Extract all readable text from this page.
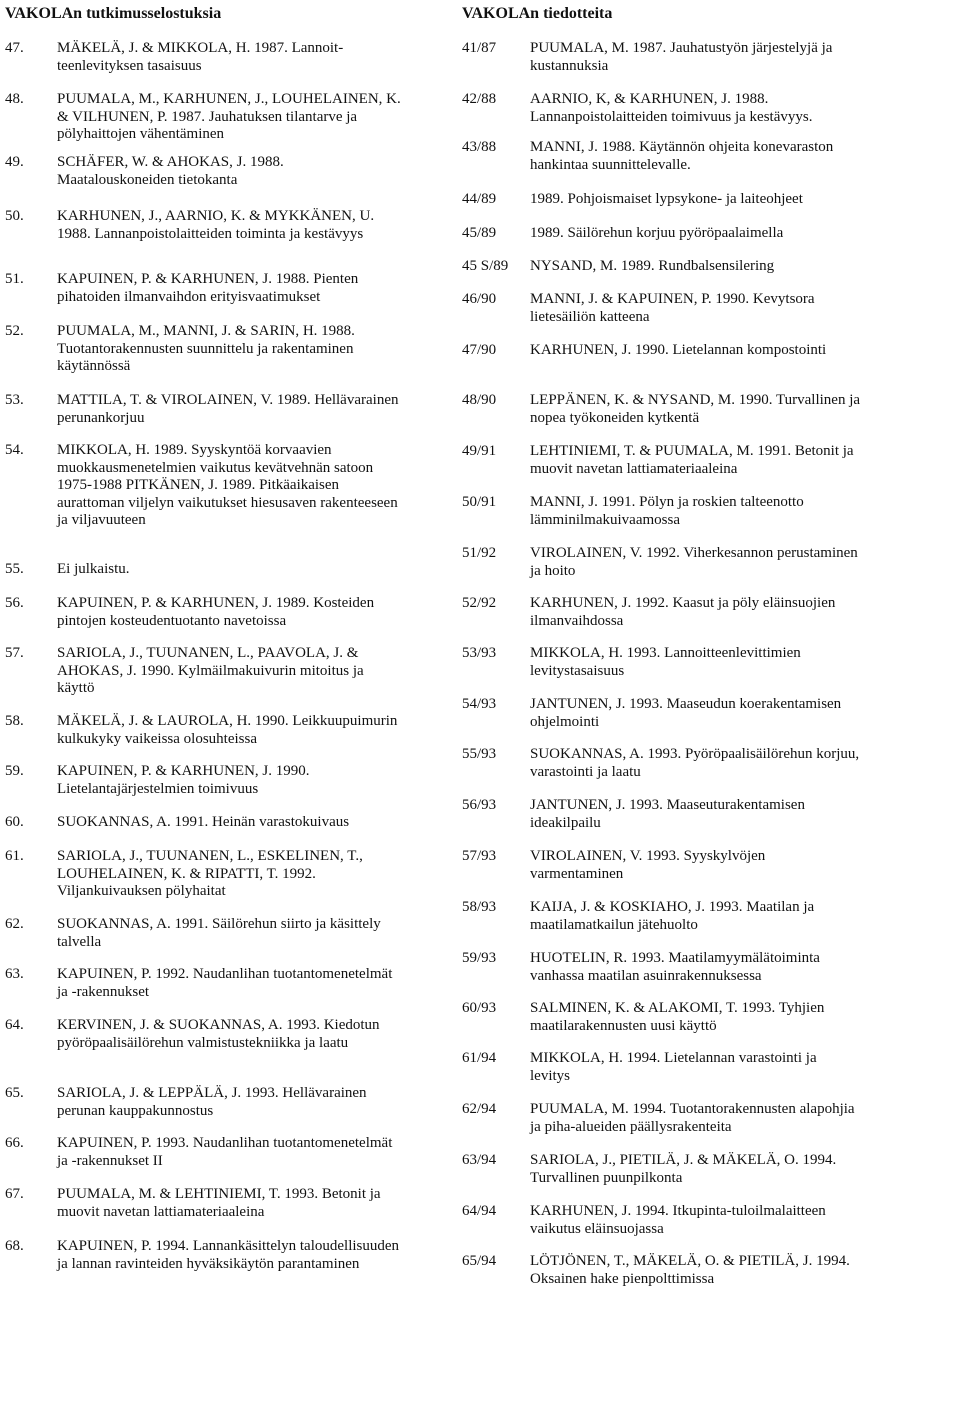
VAKOLAn tutkimusselostuksia
47. MÄKELÄ, J. & MIKKOLA, H. 1987. Lannoit-teenlevityksen tasaisuus
48. PUUMALA, M., KARHUNEN, J., LOUHELAINEN, K. & VILHUNEN, P. 1987. Jauhatuksen tilantarve ja pölyhaittojen vähentäminen
49. SCHÄFER, W. & AHOKAS, J. 1988. Maatalouskoneiden tietokanta
50. KARHUNEN, J., AARNIO, K. & MYKKÄNEN, U. 1988. Lannanpoistolaitteiden toiminta ja kestävyys
51. KAPUINEN, P. & KARHUNEN, J. 1988. Pienten pihatoiden ilmanvaihdon erityisvaatimukset
52. PUUMALA, M., MANNI, J. & SARIN, H. 1988. Tuotantorakennusten suunnittelu ja rakentaminen käytännössä
53. MATTILA, T. & VIROLAINEN, V. 1989. Hellävarainen perunankorjuu
54. MIKKOLA, H. 1989. Syyskyntöä korvaavien muokkausmenetelmien vaikutus kevätvehnän satoon 1975-1988 PITKÄNEN, J. 1989. Pitkäaikaisen aurattoman viljelyn vaikutukset hiesusaven rakenteeseen ja viljavuuteen
55. Ei julkaistu.
56. KAPUINEN, P. & KARHUNEN, J. 1989. Kosteiden pintojen kosteudentuotanto navetoissa
57. SARIOLA, J., TUUNANEN, L., PAAVOLA, J. & AHOKAS, J. 1990. Kylmäilmakuivurin mitoitus ja käyttö
58. MÄKELÄ, J. & LAUROLA, H. 1990. Leikkuupuimurin kulkukyky vaikeissa olosuhteissa
59. KAPUINEN, P. & KARHUNEN, J. 1990. Lietelantajärjestelmien toimivuus
60. SUOKANNAS, A. 1991. Heinän varastokuivaus
61. SARIOLA, J., TUUNANEN, L., ESKELINEN, T., LOUHELAINEN, K. & RIPATTI, T. 1992. Viljankuivauksen pölyhaitat
62. SUOKANNAS, A. 1991. Säilörehun siirto ja käsittely talvella
63. KAPUINEN, P. 1992. Naudanlihan tuotantomenetelmät ja -rakennukset
64. KERVINEN, J. & SUOKANNAS, A. 1993. Kiedotun pyöröpaalisäilörehun valmistustekniikka ja laatu
65. SARIOLA, J. & LEPPÄLÄ, J. 1993. Hellävarainen perunan kauppakunnostus
66. KAPUINEN, P. 1993. Naudanlihan tuotantomenetelmät ja -rakennukset II
67. PUUMALA, M. & LEHTINIEMI, T. 1993. Betonit ja muovit navetan lattiamateriaaleina
68. KAPUINEN, P. 1994. Lannankäsittelyn taloudellisuuden ja lannan ravinteiden hyväksikäytön parantaminen
VAKOLAn tiedotteita
41/87 PUUMALA, M. 1987. Jauhatustyön järjestelyjä ja kustannuksia
42/88 AARNIO, K, & KARHUNEN, J. 1988. Lannanpoistolaitteiden toimivuus ja kestävyys.
43/88 MANNI, J. 1988. Käytännön ohjeita konevaraston hankintaa suunnittelevalle.
44/89 1989. Pohjoismaiset lypsykone- ja laiteohjeet
45/89 1989. Säilörehun korjuu pyöröpaalaimella
45 S/89 NYSAND, M. 1989. Rundbalsensilering
46/90 MANNI, J. & KAPUINEN, P. 1990. Kevytsora lietesäiliön katteena
47/90 KARHUNEN, J. 1990. Lietelannan kompostointi
48/90 LEPPÄNEN, K. & NYSAND, M. 1990. Turvallinen ja nopea työkoneiden kytkentä
49/91 LEHTINIEMI, T. & PUUMALA, M. 1991. Betonit ja muovit navetan lattiamateriaaleina
50/91 MANNI, J. 1991. Pölyn ja roskien talteenotto lämminilmakuivaamossa
51/92 VIROLAINEN, V. 1992. Viherkesannon perustaminen ja hoito
52/92 KARHUNEN, J. 1992. Kaasut ja pöly eläinsuojien ilmanvaihdossa
53/93 MIKKOLA, H. 1993. Lannoitteenlevittimien levitystasaisuus
54/93 JANTUNEN, J. 1993. Maaseudun koerakentamisen ohjelmointi
55/93 SUOKANNAS, A. 1993. Pyöröpaalisäilörehun korjuu, varastointi ja laatu
56/93 JANTUNEN, J. 1993. Maaseuturakentamisen ideakilpailu
57/93 VIROLAINEN, V. 1993. Syyskylvöjen varmentaminen
58/93 KAIJA, J. & KOSKIAHO, J. 1993. Maatilan ja maatilamatkailun jätehuolto
59/93 HUOTELIN, R. 1993. Maatilamyymälätoiminta vanhassa maatilan asuinrakennuksessa
60/93 SALMINEN, K. & ALAKOMI, T. 1993. Tyhjien maatilarakennusten uusi käyttö
61/94 MIKKOLA, H. 1994. Lietelannan varastointi ja levitys
62/94 PUUMALA, M. 1994. Tuotantorakennusten alapohjia ja piha-alueiden päällysrakenteita
63/94 SARIOLA, J., PIETILÄ, J. & MÄKELÄ, O. 1994. Turvallinen puunpilkonta
64/94 KARHUNEN, J. 1994. Itkupinta-tuloilmalaitteen vaikutus eläinsuojassa
65/94 LÖTJÖNEN, T., MÄKELÄ, O. & PIETILÄ, J. 1994. Oksainen hake pienpolttimissa
